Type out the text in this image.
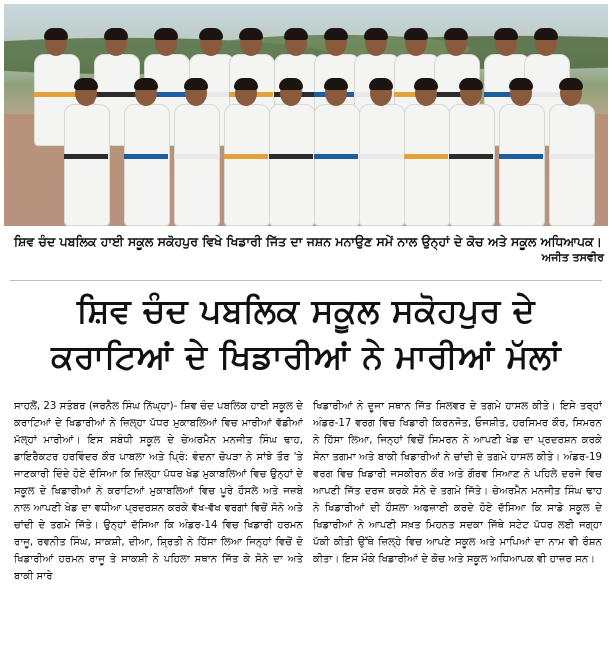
ਸ਼ਿਵ ਚੰਦ ਪਬਲਿਕ ਹਾਈ ਸਕੂਲ ਸਕੋਹਪੁਰ ਵਿਖੇ ਖਿਡਾਰੀ ਜਿੱਤ ਦਾ ਜਸ਼ਨ ਮਨਾਉਣ ਸਮੇਂ ਨਾਲ ਉਨ੍ਹਾਂ ਦੇ ਕੋਚ ਅਤੇ ਸਕੂਲ ਅਧਿਆਪਕ।
ਅਜੀਤ ਤਸਵੀਰ
ਸ਼ਿਵ ਚੰਦ ਪਬਲਿਕ ਸਕੂਲ ਸਕੋਹਪੁਰ ਦੇ
ਕਰਾਟਿਆਂ ਦੇ ਖਿਡਾਰੀਆਂ ਨੇ ਮਾਰੀਆਂ ਮੱਲਾਂ

ਸਾਹਲੋਂ, 23 ਸਤੰਬਰ (ਜਰਨੈਲ ਸਿੰਘ ਨਿੱਘ੍ਹਾ)- ਸ਼ਿਵ ਚੰਦ ਪਬਲਿਕ ਹਾਈ ਸਕੂਲ ਦੇ ਕਰਾਟਿਆਂ ਦੇ ਖਿਡਾਰੀਆਂ ਨੇ ਜ਼ਿਲ੍ਹਾ ਪੱਧਰ ਮੁਕਾਬਲਿਆਂ ਵਿਚ ਮਾਰੀਆਂ ਵੱਡੀਆਂ ਮੱਲ੍ਹਾਂ ਮਾਰੀਆਂ। ਇਸ ਸਬੰਧੀ ਸਕੂਲ ਦੇ ਚੇਅਰਮੈਨ ਮਨਜੀਤ ਸਿੰਘ ਢਾਹ, ਡਾਇਰੈਕਟਰ ਹਰਵਿੰਦਰ ਕੌਰ ਪਾਬਲਾ ਅਤੇ ਪ੍ਰਿੰ: ਵੰਦਨਾ ਚੋਪੜਾ ਨੇ ਸਾਂਝੇ ਤੌਰ 'ਤੇ ਜਾਣਕਾਰੀ ਦਿੰਦੇ ਹੋਏ ਦੱਸਿਆ ਕਿ ਜ਼ਿਲ੍ਹਾ ਪੱਧਰ ਖੇਡ ਮੁਕਾਬਲਿਆਂ ਵਿਚ ਉਨ੍ਹਾਂ ਦੇ ਸਕੂਲ ਦੇ ਖਿਡਾਰੀਆਂ ਨੇ ਕਰਾਟਿਆਂ ਮੁਕਾਬਲਿਆਂ ਵਿਚ ਪੂਰੇ ਹੌਸਲੇ ਅਤੇ ਜਜ਼ਬੇ ਨਾਲ ਆਪਣੀ ਖੇਡ ਦਾ ਵਧੀਆ ਪ੍ਰਦਰਸ਼ਨ ਕਰਕੇ ਵੱਖ-ਵੱਖ ਵਰਗਾਂ ਵਿਚੋਂ ਸੋਨੇ ਅਤੇ ਚਾਂਦੀ ਦੇ ਤਗਮੇ ਜਿੱਤੇ। ਉਨ੍ਹਾਂ ਦੱਸਿਆ ਕਿ ਅੰਡਰ-14 ਵਿਚ ਖਿਡਾਰੀ ਹਰਮਨ ਰਾਜੂ, ਰਵਨੀਤ ਸਿੰਘ, ਸਾਕਸ਼ੀ, ਦੀਆ, ਸ਼੍ਰਿਤੀ ਨੇ ਹਿੱਸਾ ਲਿਆ ਜਿਨ੍ਹਾਂ ਵਿਚੋਂ ਦੋ ਖਿਡਾਰੀਆਂ ਹਰਮਨ ਰਾਜੂ ਤੇ ਸਾਕਸ਼ੀ ਨੇ ਪਹਿਲਾ ਸਥਾਨ ਜਿੱਤ ਕੇ ਸੋਨੇ ਦਾ ਅਤੇ ਬਾਕੀ ਸਾਰੇ

ਖਿਡਾਰੀਆਂ ਨੇ ਦੂਜਾ ਸਥਾਨ ਜਿੱਤ ਸਿਲਵਰ ਦੇ ਤਗਮੇ ਹਾਸਲ ਕੀਤੇ। ਇਸੇ ਤਰ੍ਹਾਂ ਅੰਡਰ-17 ਵਰਗ ਵਿਚ ਖਿਡਾਰੀ ਕਿਰਨਜੋਤ, ਓਜਸ਼ੀਤ, ਹਰਸਿਮਰ ਕੌਰ, ਸਿਮਰਨ ਨੇ ਹਿੱਸਾ ਲਿਆ, ਜਿਨ੍ਹਾਂ ਵਿਚੋਂ ਸਿਮਰਨ ਨੇ ਆਪਣੀ ਖੇਡ ਦਾ ਪ੍ਰਦਰਸ਼ਨ ਕਰਕੇ ਸੋਨਾ ਤਗਮਾ ਅਤੇ ਬਾਕੀ ਖਿਡਾਰੀਆਂ ਨੇ ਚਾਂਦੀ ਦੇ ਤਗਮੇ ਹਾਸਲ ਕੀਤੇ। ਅੰਡਰ-19 ਵਰਗ ਵਿਚ ਖਿਡਾਰੀ ਜਸਕੀਰਨ ਕੌਰ ਅਤੇ ਗੌਰਵ ਸਿਆਣ ਨੇ ਪਹਿਲੇ ਦਰਜੇ ਵਿਚ ਆਪਣੀ ਜਿੱਤ ਦਰਜ ਕਰਕੇ ਸੋਨੇ ਦੇ ਤਗਮੇ ਜਿੱਤੇ। ਚੇਅਰਮੈਨ ਮਨਜੀਤ ਸਿੰਘ ਢਾਹ ਨੇ ਖਿਡਾਰੀਆਂ ਦੀ ਹੌਸਲਾ ਅਫਜ਼ਾਈ ਕਰਦੇ ਹੋਏ ਦੱਸਿਆ ਕਿ ਸਾਡੇ ਸਕੂਲ ਦੇ ਖਿਡਾਰੀਆਂ ਨੇ ਆਪਣੀ ਸਖ਼ਤ ਮਿਹਨਤ ਸਦਕਾ ਜਿੱਥੇ ਸਟੇਟ ਪੱਧਰ ਲਈ ਜਗ੍ਹਾ ਪੱਕੀ ਕੀਤੀ ਉੱਥੇ ਜ਼ਿਲ੍ਹੇ ਵਿਚ ਆਪਣੇ ਸਕੂਲ ਅਤੇ ਮਾਪਿਆਂ ਦਾ ਨਾਮ ਵੀ ਰੌਸ਼ਨ ਕੀਤਾ। ਇਸ ਮੌਕੇ ਖਿਡਾਰੀਆਂ ਦੇ ਕੋਚ ਅਤੇ ਸਕੂਲ ਅਧਿਆਪਕ ਵੀ ਹਾਜ਼ਰ ਸਨ।
